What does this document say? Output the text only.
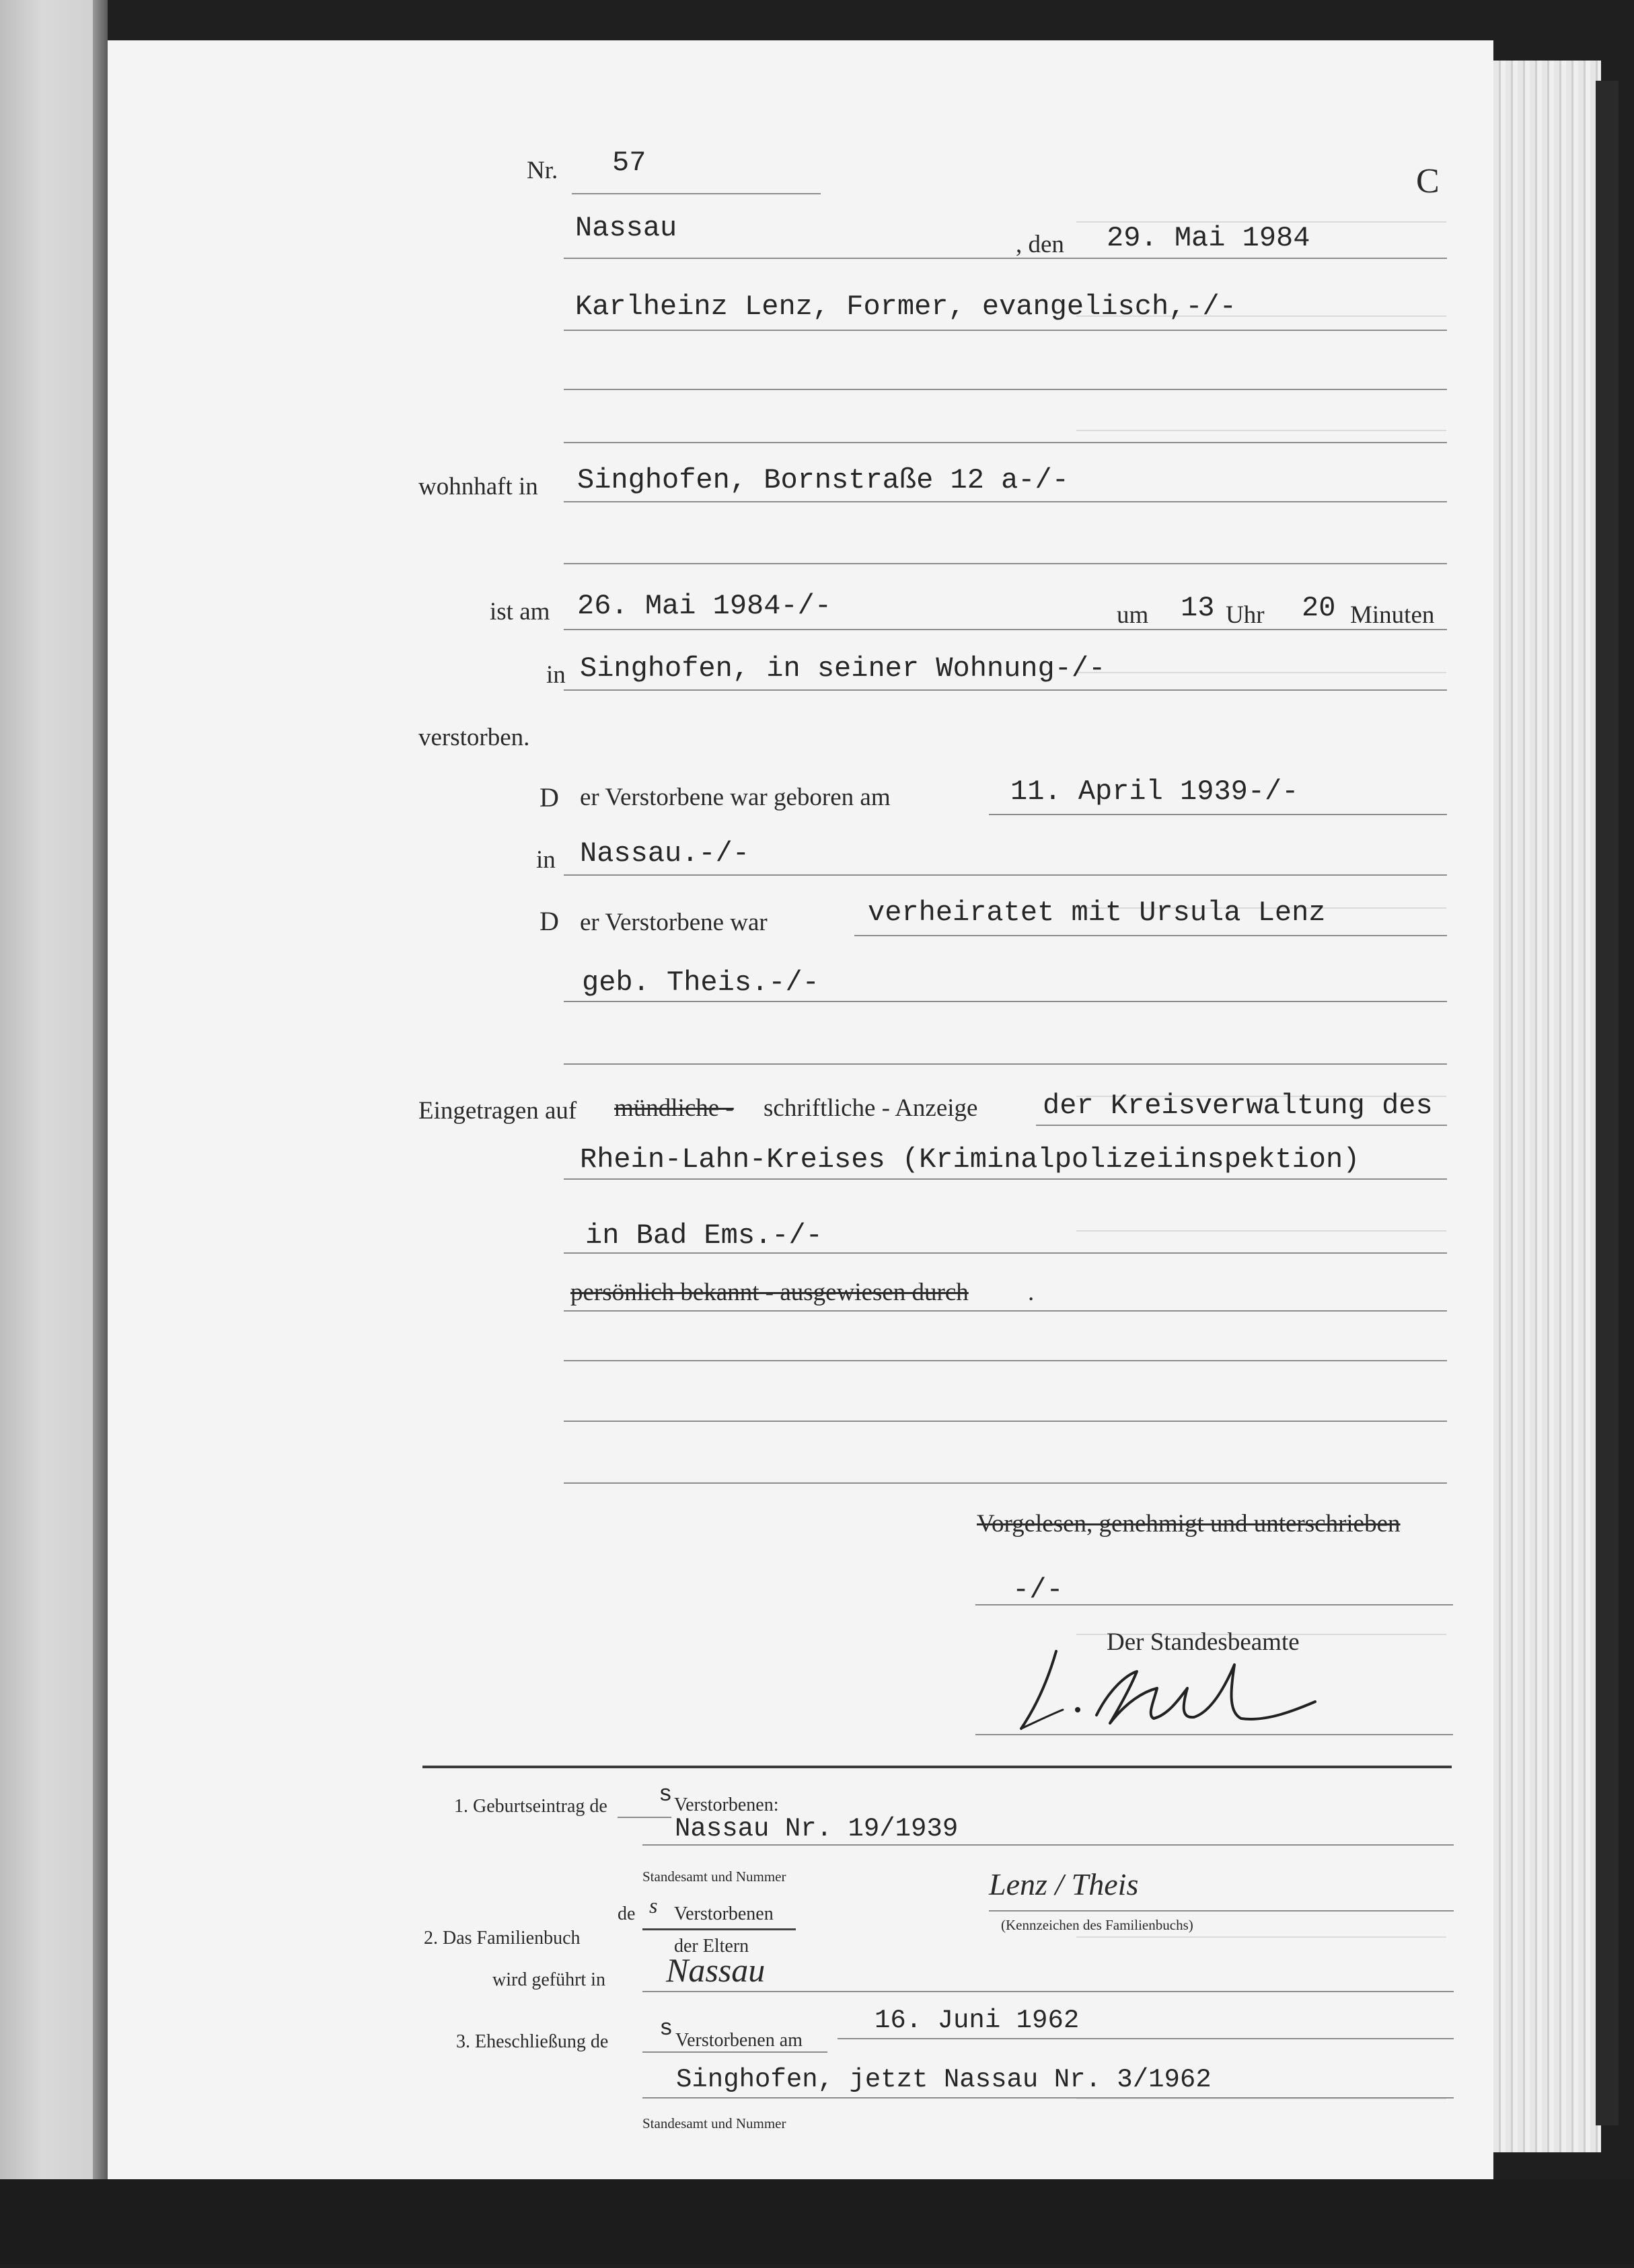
Nr. 57	C
Nassau
, den 29. Mai 1984
Karlheinz Lenz, Former, evangelisch,-/-
wohnhaft in Singhofen, Bornstraße 12 a-/-
ist am 26. Mai 1984-/-	um 13 Uhr 20 Minuten
in Singhofen, in seiner Wohnung-/-
verstorben.
D er Verstorbene war geboren am	11. April 1939-/-
in Nassau.-/-
D er Verstorbene war	verheiratet mit Ursula Lenz
geb. Theis.-/-
Eingetragen auf mündliche - schriftliche - Anzeige der Kreisverwaltung des
Rhein-Lahn-Kreises (Kriminalpolizeiinspektion)
in Bad Ems.-/-
persönlich bekannt - ausgewiesen durch .
Vorgelesen, genehmigt und unterschrieben
-/-
Der Standesbeamte
1. Geburtseintrag de s Verstorbenen:
Nassau Nr. 19/1939
Standesamt und Nummer
de s Verstorbenen
2. Das Familienbuch	der Eltern
Lenz / Theis
(Kennzeichen des Familienbuchs)
wird geführt in Nassau
3. Eheschließung de s Verstorbenen am
16. Juni 1962
Singhofen, jetzt Nassau Nr. 3/1962
Standesamt und Nummer
